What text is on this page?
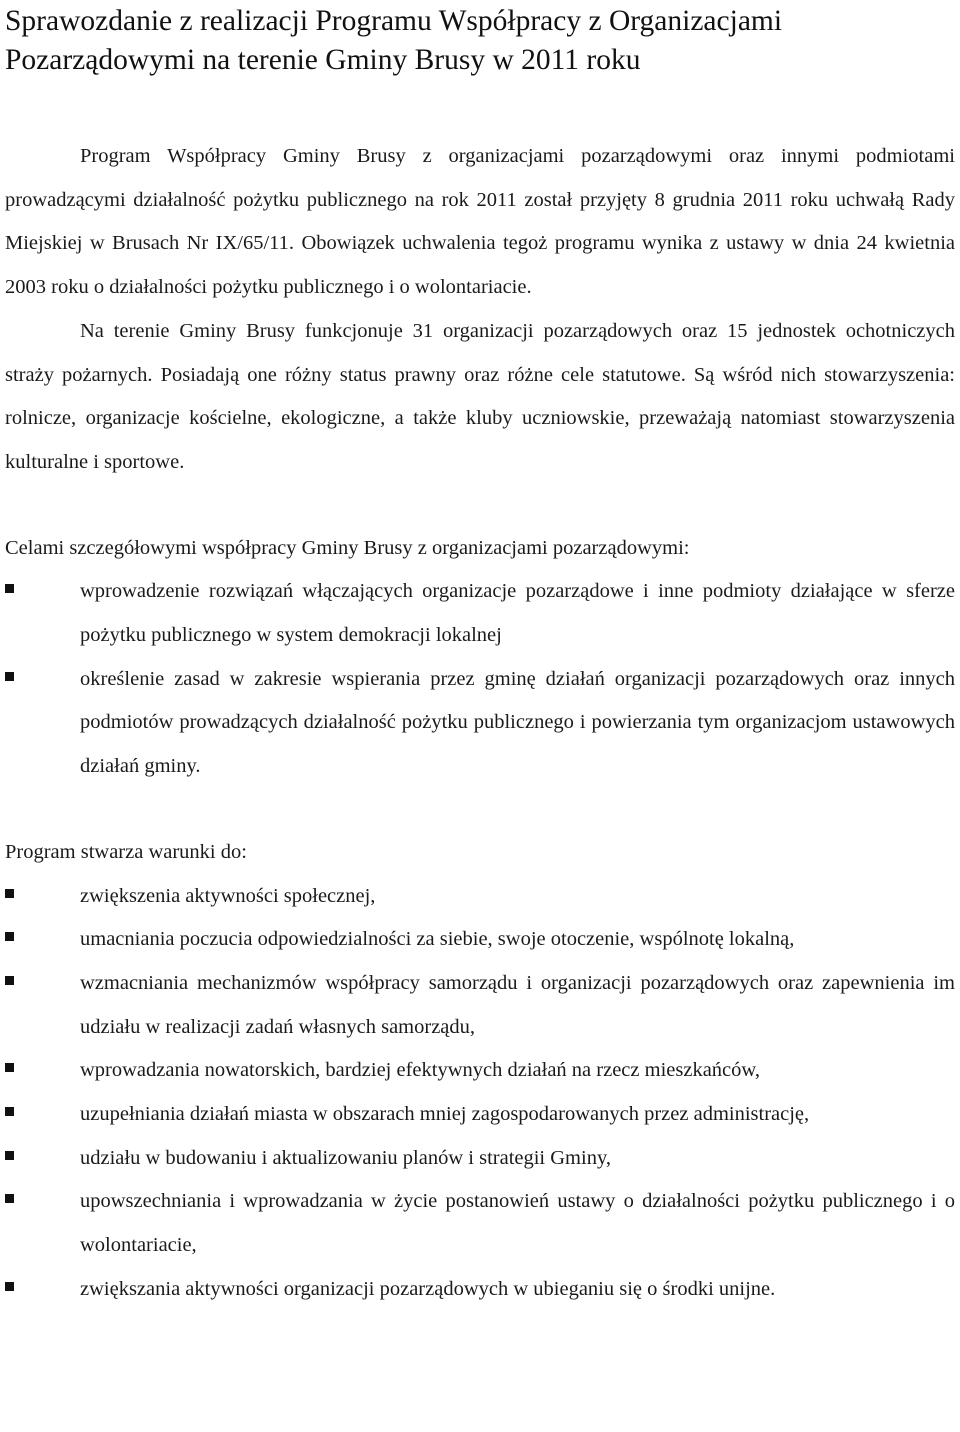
Sprawozdanie z realizacji Programu Współpracy z Organizacjami
Pozarządowymi na terenie Gminy Brusy w 2011 roku

Program Współpracy Gminy Brusy z organizacjami pozarządowymi oraz innymi podmiotami prowadzącymi działalność pożytku publicznego na rok 2011 został przyjęty 8 grudnia 2011 roku uchwałą Rady Miejskiej w Brusach Nr IX/65/11. Obowiązek uchwalenia tegoż programu wynika z ustawy w dnia 24 kwietnia 2003 roku o działalności pożytku publicznego i o wolontariacie.

Na terenie Gminy Brusy funkcjonuje 31 organizacji pozarządowych oraz 15 jednostek ochotniczych straży pożarnych. Posiadają one różny status prawny oraz różne cele statutowe. Są wśród nich stowarzyszenia: rolnicze, organizacje kościelne, ekologiczne, a także kluby uczniowskie, przeważają natomiast stowarzyszenia kulturalne i sportowe.

Celami szczegółowymi współpracy Gminy Brusy z organizacjami pozarządowymi:

wprowadzenie rozwiązań włączających organizacje pozarządowe i inne podmioty działające w sferze pożytku publicznego w system demokracji lokalnej
określenie zasad w zakresie wspierania przez gminę działań organizacji pozarządowych oraz innych podmiotów prowadzących działalność pożytku publicznego i powierzania tym organizacjom ustawowych działań gminy.

Program stwarza warunki do:

zwiększenia aktywności społecznej,
umacniania poczucia odpowiedzialności za siebie, swoje otoczenie, wspólnotę lokalną,
wzmacniania mechanizmów współpracy samorządu i organizacji pozarządowych oraz zapewnienia im udziału w realizacji zadań własnych samorządu,
wprowadzania nowatorskich, bardziej efektywnych działań na rzecz mieszkańców,
uzupełniania działań miasta w obszarach mniej zagospodarowanych przez administrację,
udziału w budowaniu i aktualizowaniu planów i strategii Gminy,
upowszechniania i wprowadzania w życie postanowień ustawy o działalności pożytku publicznego i o wolontariacie,
zwiększania aktywności organizacji pozarządowych w ubieganiu się o środki unijne.
